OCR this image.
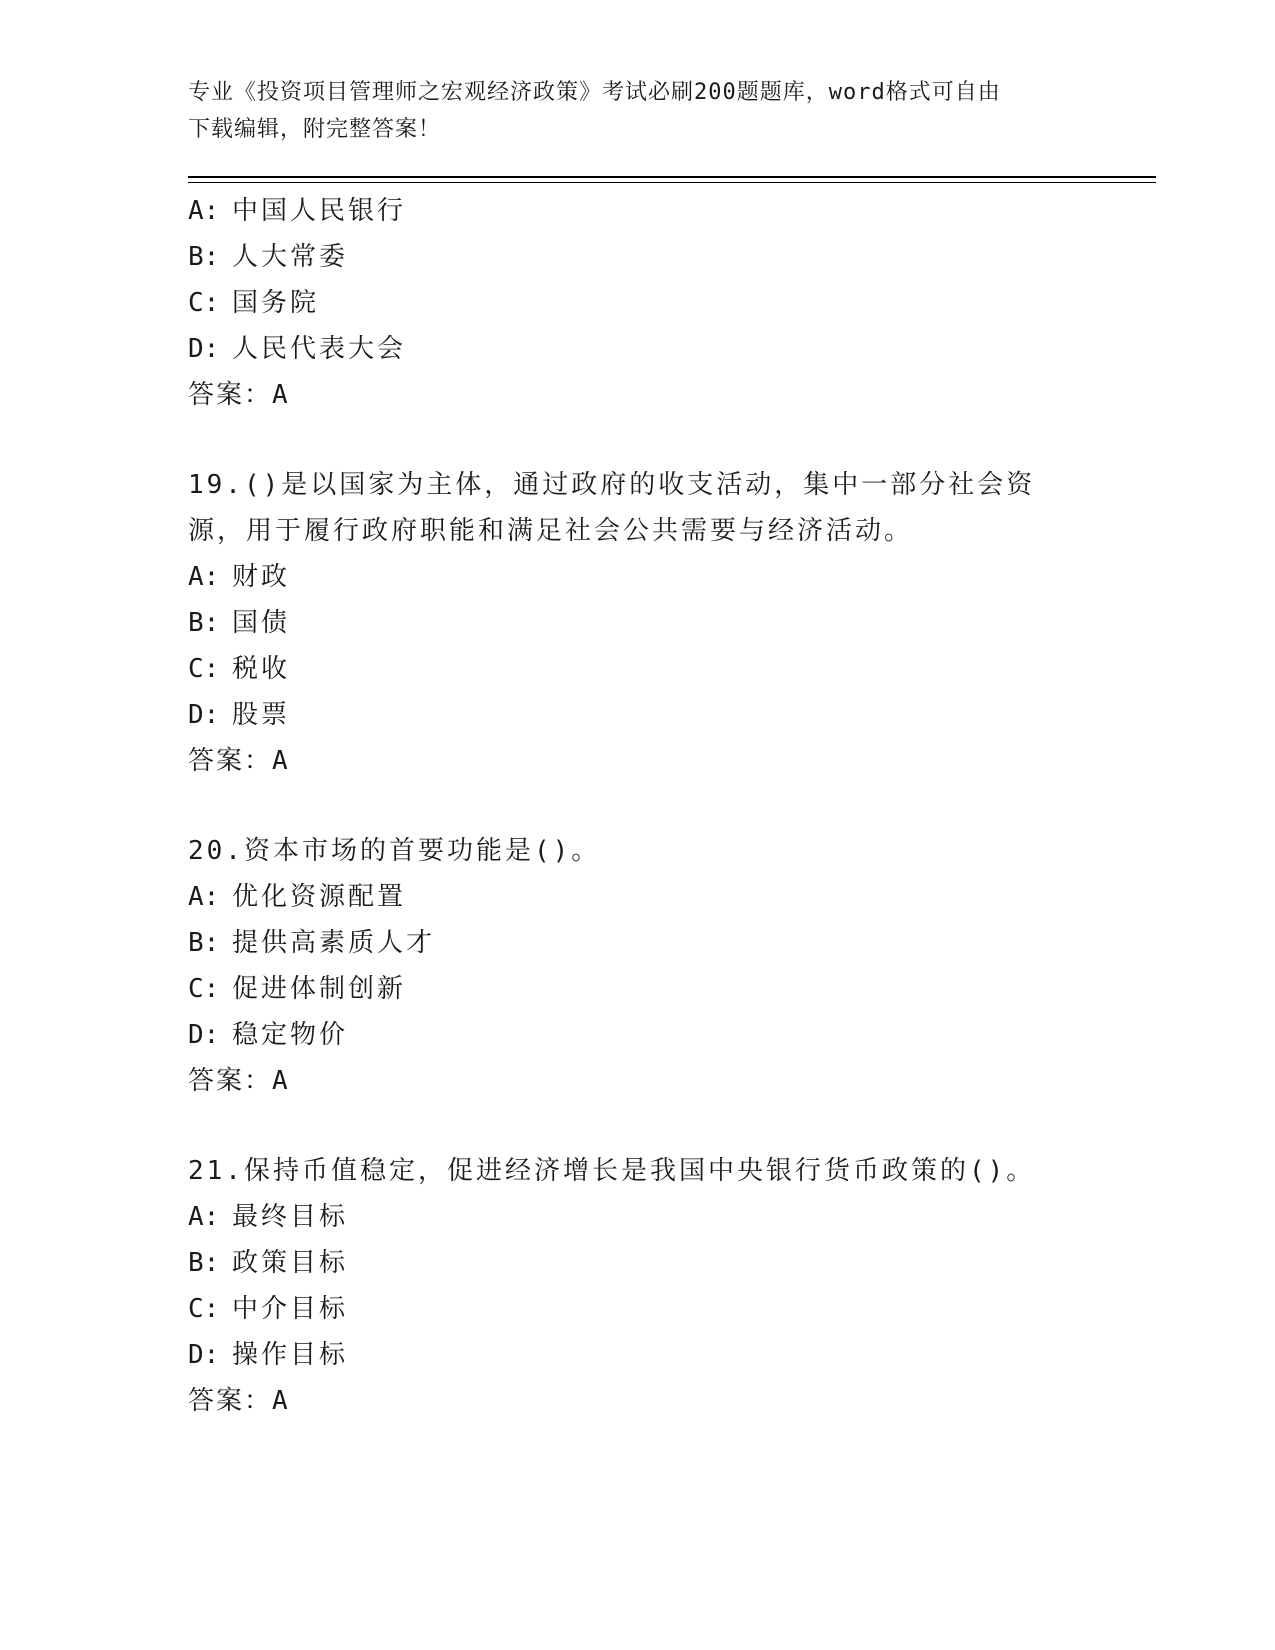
专业《投资项目管理师之宏观经济政策》考试必刷200题题库，word格式可自由
下载编辑，附完整答案！
A: 中国人民银行
B: 人大常委
C: 国务院
D: 人民代表大会
答案：A
19.()是以国家为主体，通过政府的收支活动，集中一部分社会资源，用于履行政府职能和满足社会公共需要与经济活动。
A: 财政
B: 国债
C: 税收
D: 股票
答案：A
20.资本市场的首要功能是()。
A: 优化资源配置
B: 提供高素质人才
C: 促进体制创新
D: 稳定物价
答案：A
21.保持币值稳定，促进经济增长是我国中央银行货币政策的()。
A: 最终目标
B: 政策目标
C: 中介目标
D: 操作目标
答案：A
